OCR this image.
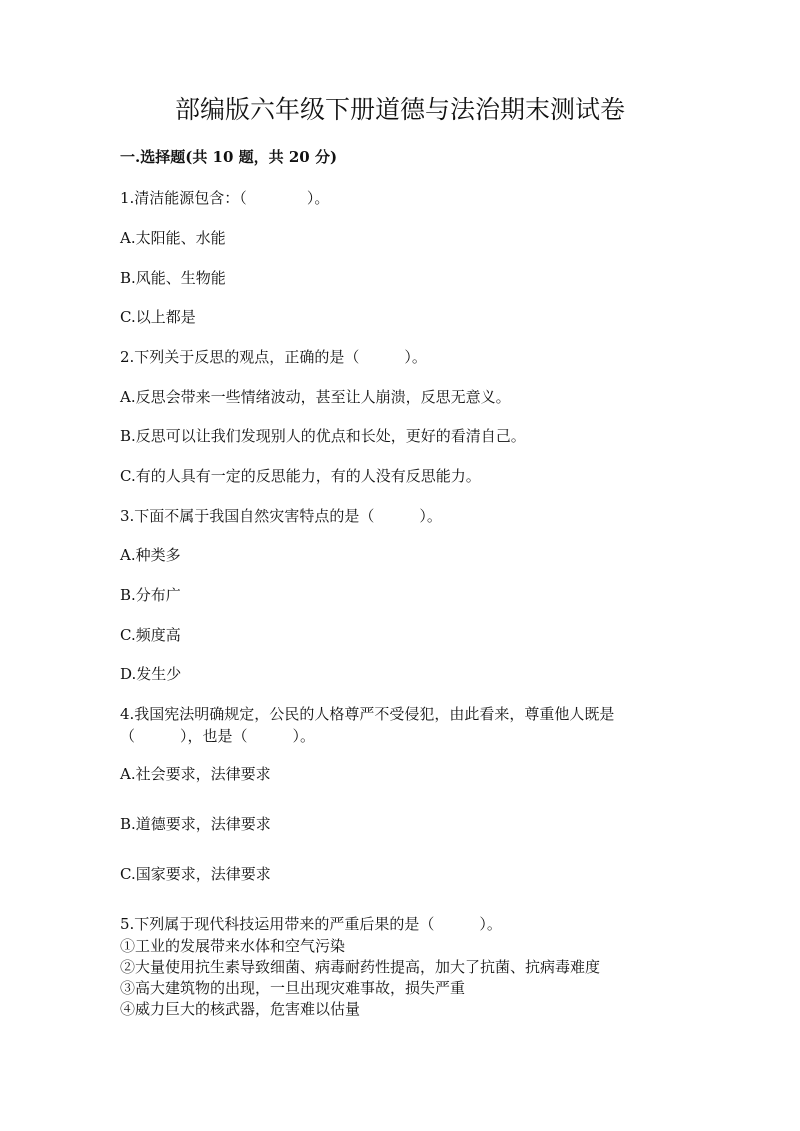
部编版六年级下册道德与法治期末测试卷

一.选择题(共 10 题，共 20 分)

1.清洁能源包含：（　　　　）。

A.太阳能、水能

B.风能、生物能

C.以上都是

2.下列关于反思的观点，正确的是（　　　）。

A.反思会带来一些情绪波动，甚至让人崩溃，反思无意义。

B.反思可以让我们发现别人的优点和长处，更好的看清自己。

C.有的人具有一定的反思能力，有的人没有反思能力。

3.下面不属于我国自然灾害特点的是（　　　）。

A.种类多

B.分布广

C.频度高

D.发生少

4.我国宪法明确规定，公民的人格尊严不受侵犯，由此看来，尊重他人既是

（　　　），也是（　　　）。

A.社会要求，法律要求

B.道德要求，法律要求

C.国家要求，法律要求

5.下列属于现代科技运用带来的严重后果的是（　　　）。

①工业的发展带来水体和空气污染

②大量使用抗生素导致细菌、病毒耐药性提高，加大了抗菌、抗病毒难度

③高大建筑物的出现，一旦出现灾难事故，损失严重

④威力巨大的核武器，危害难以估量
